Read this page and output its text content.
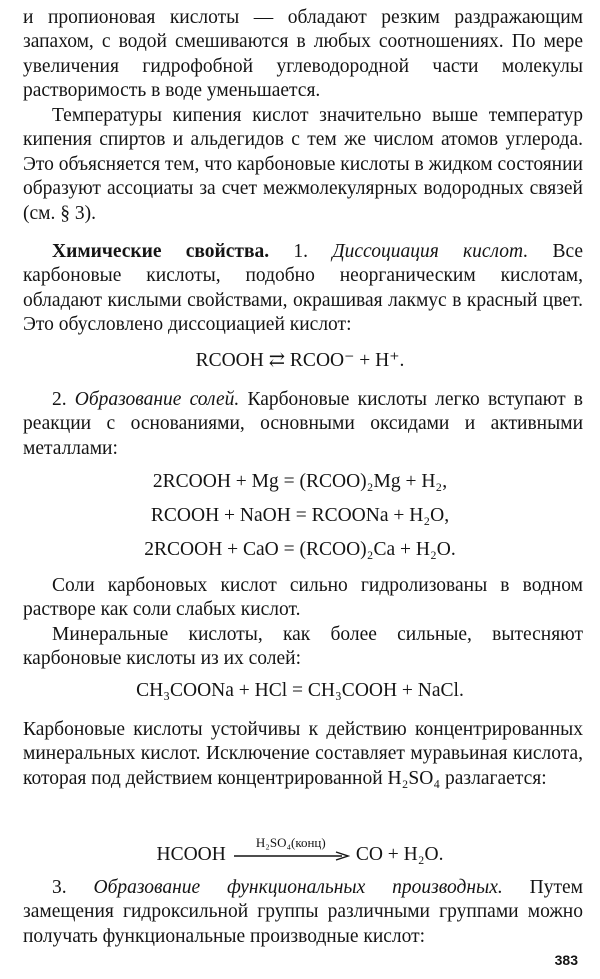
и пропионовая кислоты — обладают резким раздражающим запахом, с водой смешиваются в любых соотношениях. По мере увеличения гидрофобной углеводородной части молекулы растворимость в воде уменьшается.

Температуры кипения кислот значительно выше температур кипения спиртов и альдегидов с тем же числом атомов углерода. Это объясняется тем, что карбоновые кислоты в жидком состоянии образуют ассоциаты за счет межмолекулярных водородных связей (см. § 3).

Химические свойства. 1. Диссоциация кислот. Все карбоновые кислоты, подобно неорганическим кислотам, обладают кислыми свойствами, окрашивая лакмус в красный цвет. Это обусловлено диссоциацией кислот:

RCOOH ⇄ RCOO⁻ + H⁺.

2. Образование солей. Карбоновые кислоты легко вступают в реакции с основаниями, основными оксидами и активными металлами:

2RCOOH + Mg = (RCOO)₂Mg + H₂,

RCOOH + NaOH = RCOONa + H₂O,

2RCOOH + CaO = (RCOO)₂Ca + H₂O.

Соли карбоновых кислот сильно гидролизованы в водном растворе как соли слабых кислот.

Минеральные кислоты, как более сильные, вытесняют карбоновые кислоты из их солей:

CH₃COONa + HCl = CH₃COOH + NaCl.

Карбоновые кислоты устойчивы к действию концентрированных минеральных кислот. Исключение составляет муравьиная кислота, которая под действием концентрированной H₂SO₄ разлагается:

HCOOH
H₂SO₄(конц)
CO + H₂O.

3. Образование функциональных производных. Путем замещения гидроксильной группы различными группами можно получать функциональные производные кислот:

383
